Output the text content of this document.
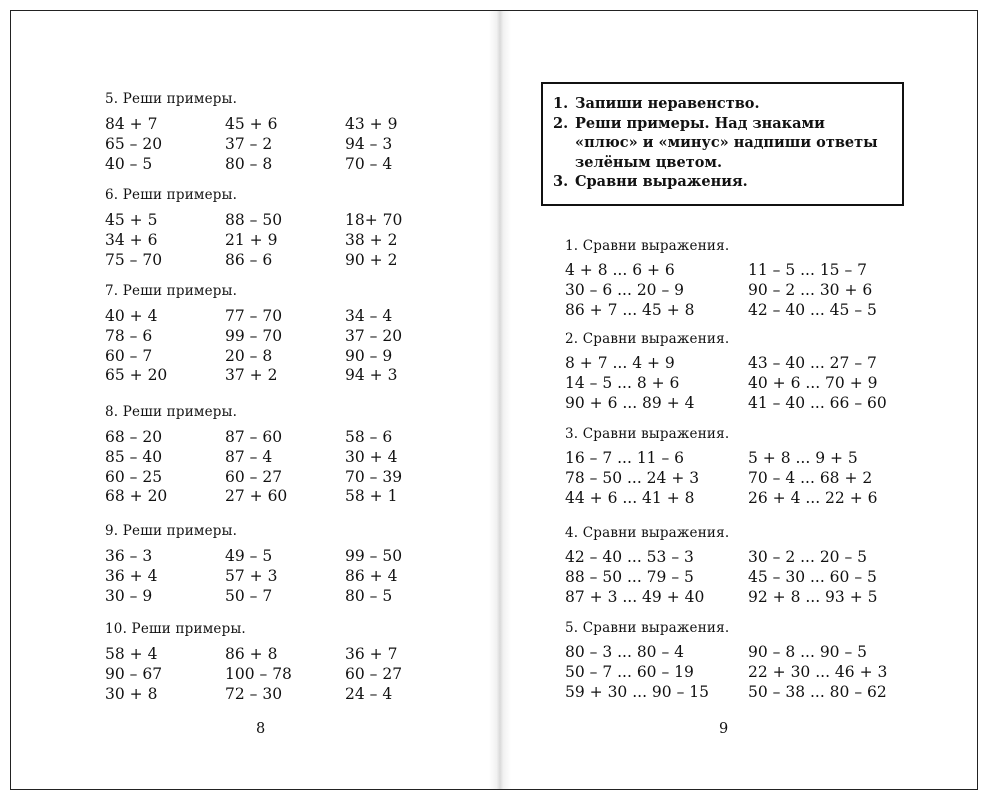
5. Реши примеры.
84 + 7	45 + 6	43 + 9
65 – 20	37 – 2	94 – 3
40 – 5	80 – 8	70 – 4
6. Реши примеры.
45 + 5	88 – 50	18+ 70
34 + 6	21 + 9	38 + 2
75 – 70	86 – 6	90 + 2
7. Реши примеры.
40 + 4	77 – 70	34 – 4
78 – 6	99 – 70	37 – 20
60 – 7	20 – 8	90 – 9
65 + 20	37 + 2	94 + 3
8. Реши примеры.
68 – 20	87 – 60	58 – 6
85 – 40	87 – 4	30 + 4
60 – 25	60 – 27	70 – 39
68 + 20	27 + 60	58 + 1
9. Реши примеры.
36 – 3	49 – 5	99 – 50
36 + 4	57 + 3	86 + 4
30 – 9	50 – 7	80 – 5
10. Реши примеры.
58 + 4	86 + 8	36 + 7
90 – 67	100 – 78	60 – 27
30 + 8	72 – 30	24 – 4
8
1. Запиши неравенство.
2. Реши примеры. Над знаками «плюс» и «минус» надпиши ответы зелёным цветом.
3. Сравни выражения.
1. Сравни выражения.
4 + 8 ... 6 + 6	11 – 5 ... 15 – 7
30 – 6 ... 20 – 9	90 – 2 ... 30 + 6
86 + 7 ... 45 + 8	42 – 40 ... 45 – 5
2. Сравни выражения.
8 + 7 ... 4 + 9	43 – 40 ... 27 – 7
14 – 5 ... 8 + 6	40 + 6 ... 70 + 9
90 + 6 ... 89 + 4	41 – 40 ... 66 – 60
3. Сравни выражения.
16 – 7 ... 11 – 6	5 + 8 ... 9 + 5
78 – 50 ... 24 + 3	70 – 4 ... 68 + 2
44 + 6 ... 41 + 8	26 + 4 ... 22 + 6
4. Сравни выражения.
42 – 40 ... 53 – 3	30 – 2 ... 20 – 5
88 – 50 ... 79 – 5	45 – 30 ... 60 – 5
87 + 3 ... 49 + 40	92 + 8 ... 93 + 5
5. Сравни выражения.
80 – 3 ... 80 – 4	90 – 8 ... 90 – 5
50 – 7 ... 60 – 19	22 + 30 ... 46 + 3
59 + 30 ... 90 – 15	50 – 38 ... 80 – 62
9
